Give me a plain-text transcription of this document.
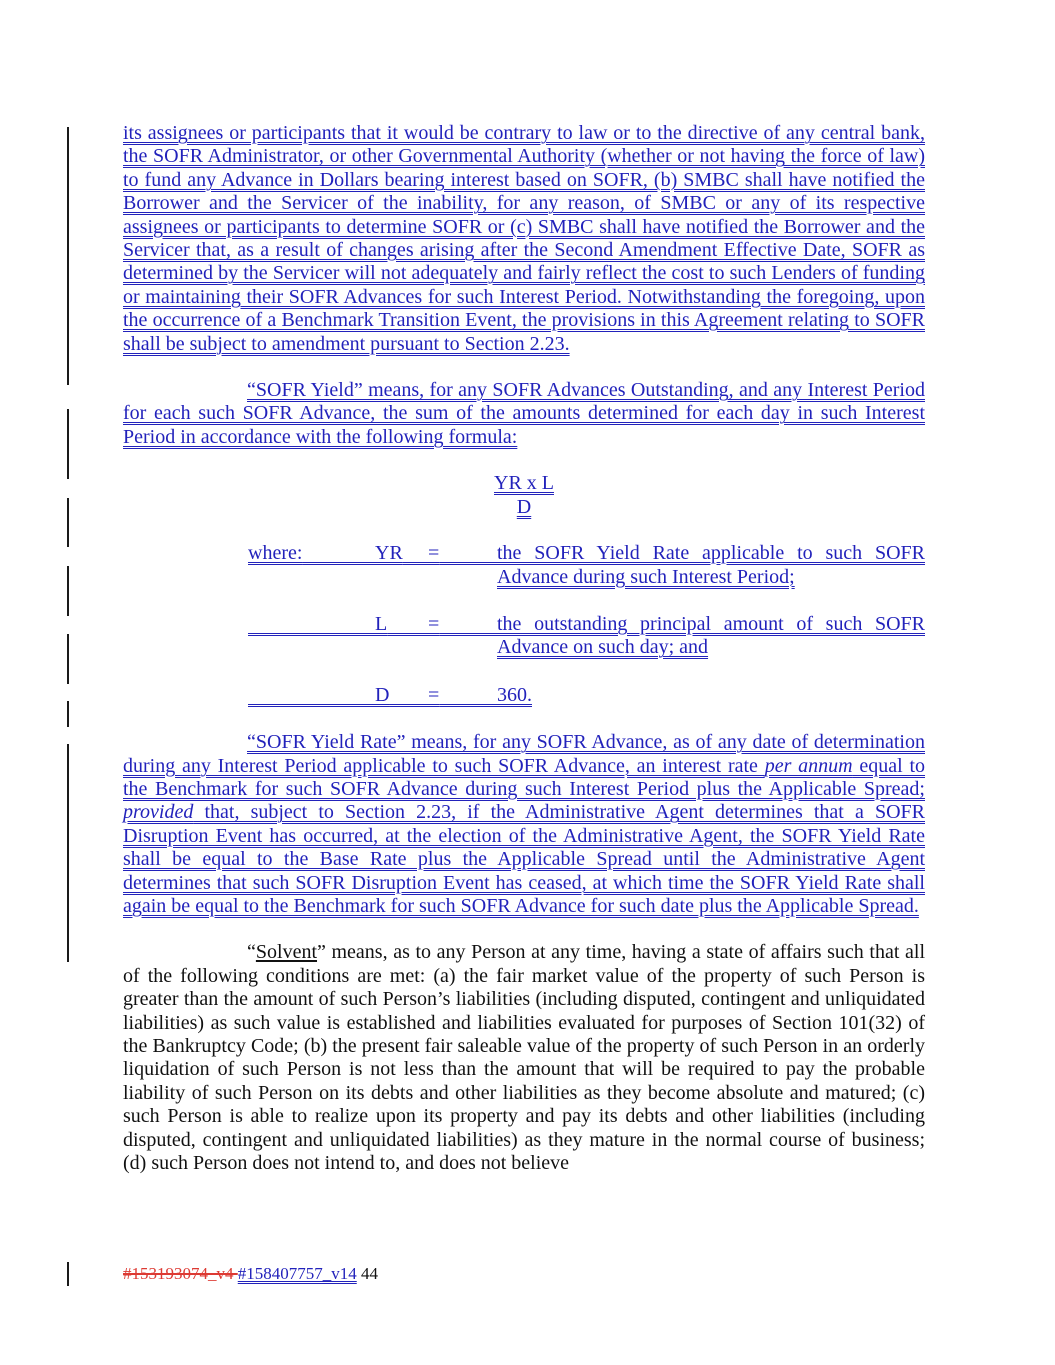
its assignees or participants that it would be contrary to law or to the directive of any central bank, the SOFR Administrator, or other Governmental Authority (whether or not having the force of law) to fund any Advance in Dollars bearing interest based on SOFR, (b) SMBC shall have notified the Borrower and the Servicer of the inability, for any reason, of SMBC or any of its respective assignees or participants to determine SOFR or (c) SMBC shall have notified the Borrower and the Servicer that, as a result of changes arising after the Second Amendment Effective Date, SOFR as determined by the Servicer will not adequately and fairly reflect the cost to such Lenders of funding or maintaining their SOFR Advances for such Interest Period. Notwithstanding the foregoing, upon the occurrence of a Benchmark Transition Event, the provisions in this Agreement relating to SOFR shall be subject to amendment pursuant to Section 2.23.

“SOFR Yield” means, for any SOFR Advances Outstanding, and any Interest Period for each such SOFR Advance, the sum of the amounts determined for each day in such Interest Period in accordance with the following formula:

YR x L
D
where:	YR	=	the SOFR Yield Rate applicable to such SOFR Advance during such Interest Period;

L	=	the outstanding principal amount of such SOFR Advance on such day; and

D	=	360.

“SOFR Yield Rate” means, for any SOFR Advance, as of any date of determination during any Interest Period applicable to such SOFR Advance, an interest rate per annum equal to the Benchmark for such SOFR Advance during such Interest Period plus the Applicable Spread; provided that, subject to Section 2.23, if the Administrative Agent determines that a SOFR Disruption Event has occurred, at the election of the Administrative Agent, the SOFR Yield Rate shall be equal to the Base Rate plus the Applicable Spread until the Administrative Agent determines that such SOFR Disruption Event has ceased, at which time the SOFR Yield Rate shall again be equal to the Benchmark for such SOFR Advance for such date plus the Applicable Spread.

“Solvent” means, as to any Person at any time, having a state of affairs such that all of the following conditions are met: (a) the fair market value of the property of such Person is greater than the amount of such Person’s liabilities (including disputed, contingent and unliquidated liabilities) as such value is established and liabilities evaluated for purposes of Section 101(32) of the Bankruptcy Code; (b) the present fair saleable value of the property of such Person in an orderly liquidation of such Person is not less than the amount that will be required to pay the probable liability of such Person on its debts and other liabilities as they become absolute and matured; (c) such Person is able to realize upon its property and pay its debts and other liabilities (including disputed, contingent and unliquidated liabilities) as they mature in the normal course of business; (d) such Person does not intend to, and does not believe

#153193074_v4 #158407757_v14 44
